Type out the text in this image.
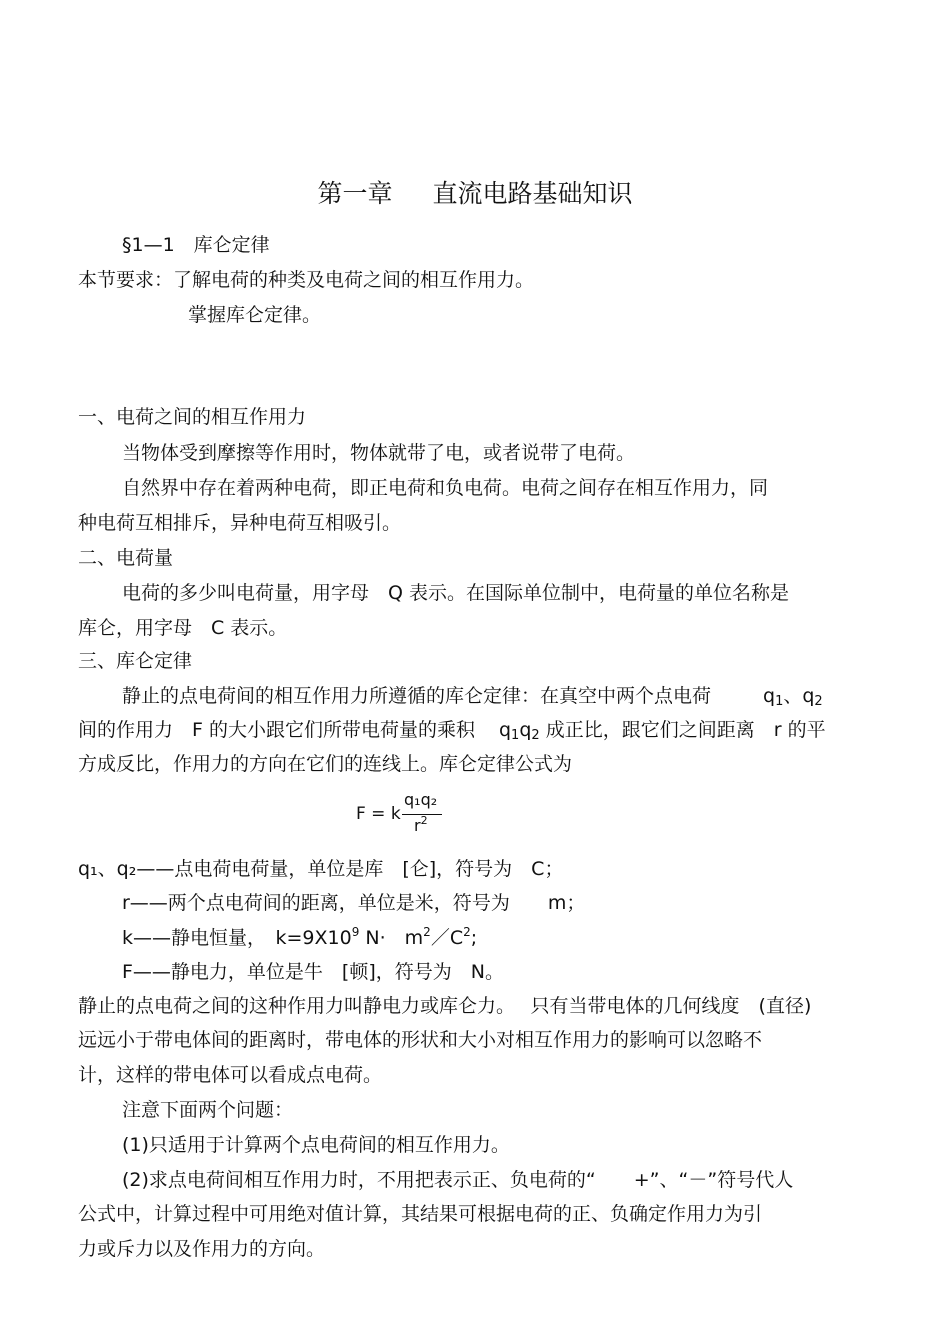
第一章 直流电路基础知识
§1—1　库仑定律
本节要求：了解电荷的种类及电荷之间的相互作用力。
掌握库仑定律。
一、电荷之间的相互作用力
当物体受到摩擦等作用时，物体就带了电，或者说带了电荷。
自然界中存在着两种电荷，即正电荷和负电荷。电荷之间存在相互作用力，同
种电荷互相排斥，异种电荷互相吸引。
二、电荷量
电荷的多少叫电荷量，用字母　Q 表示。在国际单位制中，电荷量的单位名称是
库仑，用字母　C 表示。
三、库仑定律
静止的点电荷间的相互作用力所遵循的库仑定律：在真空中两个点电荷	q1、q2
间的作用力　F 的大小跟它们所带电荷量的乘积 q1q2 成正比，跟它们之间距离　r 的平
方成反比，作用力的方向在它们的连线上。库仑定律公式为
F = k
q₁q₂
$r^2$
q₁、q₂——点电荷电荷量，单位是库　[仑]，符号为　C；
r——两个点电荷间的距离，单位是米，符号为　　m；
k——静电恒量，　$k=9X10^9$ N·　$m^2/C^2$;
F——静电力，单位是牛　[顿]，符号为　N。
静止的点电荷之间的这种作用力叫静电力或库仑力。　 只有当带电体的几何线度　(直径)
远远小于带电体间的距离时，带电体的形状和大小对相互作用力的影响可以忽略不
计，这样的带电体可以看成点电荷。
注意下面两个问题：
(1)只适用于计算两个点电荷间的相互作用力。
(2)求点电荷间相互作用力时，不用把表示正、负电荷的“　　+”、“－”符号代人
公式中，计算过程中可用绝对值计算，其结果可根据电荷的正、负确定作用力为引
力或斥力以及作用力的方向。
